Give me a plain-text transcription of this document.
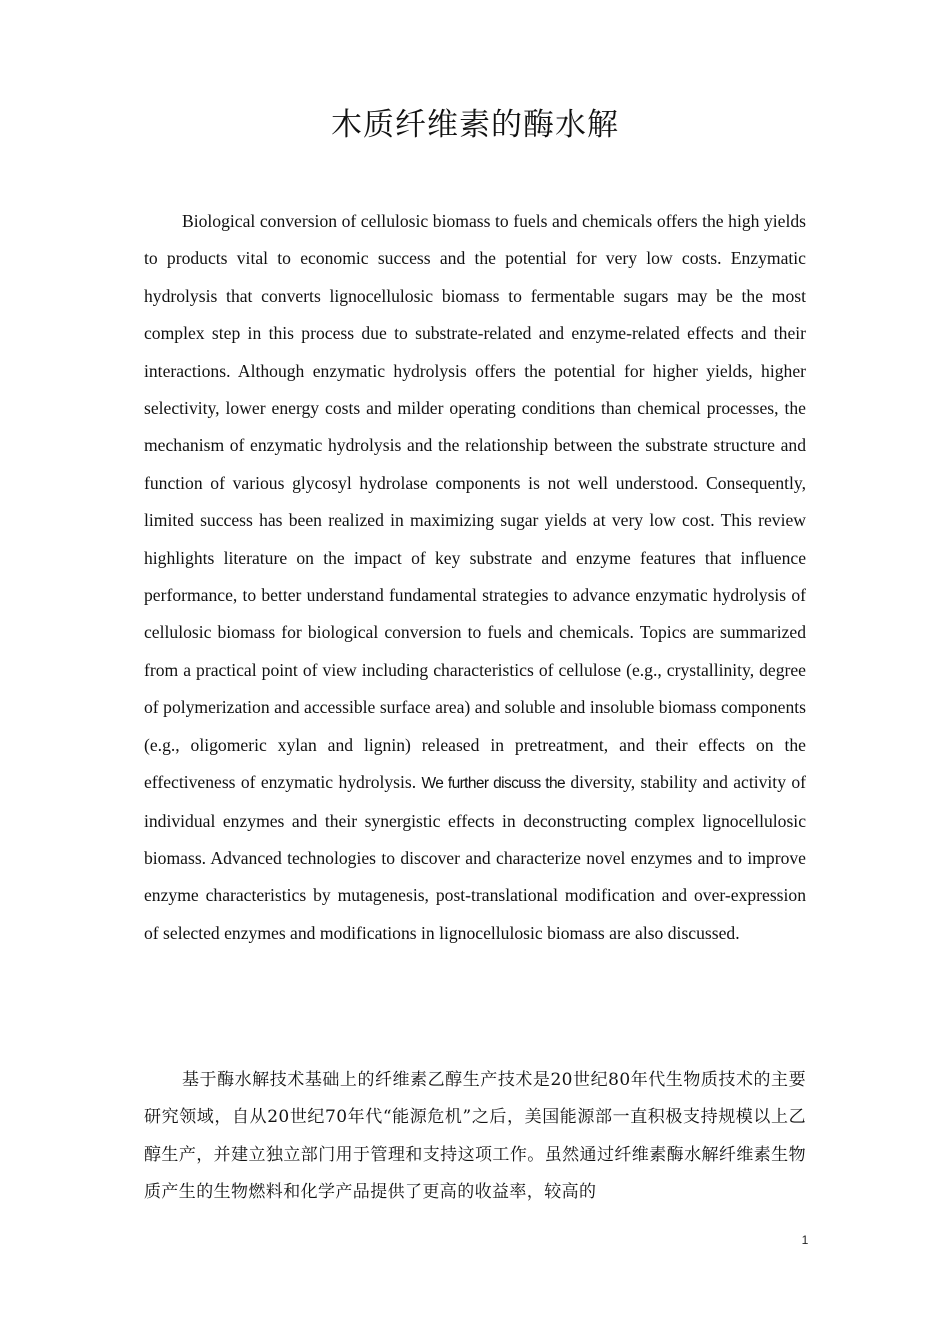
木质纤维素的酶水解

Biological conversion of cellulosic biomass to fuels and chemicals offers the high yields to products vital to economic success and the potential for very low costs. Enzymatic hydrolysis that converts lignocellulosic biomass to fermentable sugars may be the most complex step in this process due to substrate-related and enzyme-related effects and their interactions. Although enzymatic hydrolysis offers the potential for higher yields, higher selectivity, lower energy costs and milder operating conditions than chemical processes, the mechanism of enzymatic hydrolysis and the relationship between the substrate structure and function of various glycosyl hydrolase components is not well understood. Consequently, limited success has been realized in maximizing sugar yields at very low cost. This review highlights literature on the impact of key substrate and enzyme features that influence performance, to better understand fundamental strategies to advance enzymatic hydrolysis of cellulosic biomass for biological conversion to fuels and chemicals. Topics are summarized from a practical point of view including characteristics of cellulose (e.g., crystallinity, degree of polymerization and accessible surface area) and soluble and insoluble biomass components (e.g., oligomeric xylan and lignin) released in pretreatment, and their effects on the effectiveness of enzymatic hydrolysis. We further discuss the diversity, stability and activity of individual enzymes and their synergistic effects in deconstructing complex lignocellulosic biomass. Advanced technologies to discover and characterize novel enzymes and to improve enzyme characteristics by mutagenesis, post-translational modification and over-expression of selected enzymes and modifications in lignocellulosic biomass are also discussed.

基于酶水解技术基础上的纤维素乙醇生产技术是20世纪80年代生物质技术的主要研究领域，自从20世纪70年代“能源危机”之后，美国能源部一直积极支持规模以上乙醇生产，并建立独立部门用于管理和支持这项工作。虽然通过纤维素酶水解纤维素生物质产生的生物燃料和化学产品提供了更高的收益率，较高的

1
